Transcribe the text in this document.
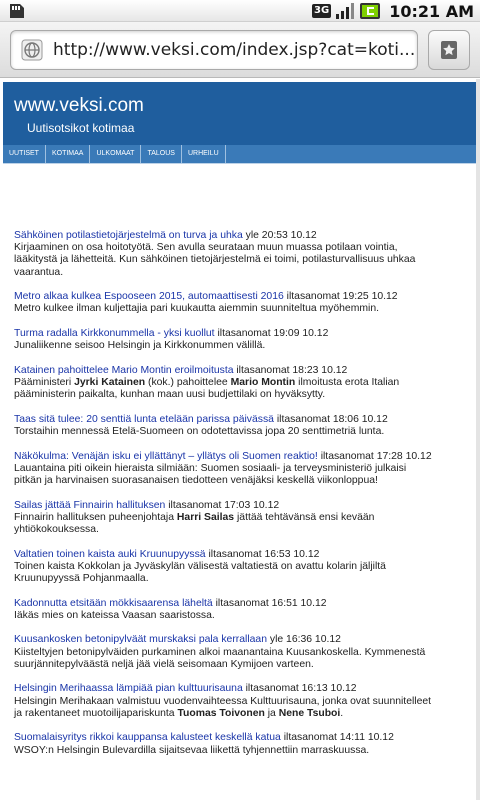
3G	10:21 AM
http://www.veksi.com/index.jsp?cat=koti...
www.veksi.com
Uutisotsikot kotimaa
UUTISET	KOTIMAA	ULKOMAAT	TALOUS	URHEILU
Sähköinen potilastietojärjestelmä on turva ja uhka yle 20:53 10.12
Kirjaaminen on osa hoitotyötä. Sen avulla seurataan muun muassa potilaan vointia, lääkitystä ja lähetteitä. Kun sähköinen tietojärjestelmä ei toimi, potilasturvallisuus uhkaa vaarantua.
Metro alkaa kulkea Espooseen 2015, automaattisesti 2016 iltasanomat 19:25 10.12
Metro kulkee ilman kuljettajia pari kuukautta aiemmin suunniteltua myöhemmin.
Turma radalla Kirkkonummella - yksi kuollut iltasanomat 19:09 10.12
Junaliikenne seisoo Helsingin ja Kirkkonummen välillä.
Katainen pahoittelee Mario Montin eroilmoitusta iltasanomat 18:23 10.12
Pääministeri Jyrki Katainen (kok.) pahoittelee Mario Montin ilmoitusta erota Italian pääministerin paikalta, kunhan maan uusi budjettilaki on hyväksytty.
Taas sitä tulee: 20 senttiä lunta etelään parissa päivässä iltasanomat 18:06 10.12
Torstaihin mennessä Etelä-Suomeen on odotettavissa jopa 20 senttimetriä lunta.
Näkökulma: Venäjän isku ei yllättänyt – yllätys oli Suomen reaktio! iltasanomat 17:28 10.12
Lauantaina piti oikein hieraista silmiään: Suomen sosiaali- ja terveysministeriö julkaisi pitkän ja harvinaisen suorasanaisen tiedotteen venäjäksi keskellä viikonloppua!
Sailas jättää Finnairin hallituksen iltasanomat 17:03 10.12
Finnairin hallituksen puheenjohtaja Harri Sailas jättää tehtävänsä ensi kevään yhtiökokouksessa.
Valtatien toinen kaista auki Kruunupyyssä iltasanomat 16:53 10.12
Toinen kaista Kokkolan ja Jyväskylän välisestä valtatiestä on avattu kolarin jäljiltä Kruunupyyssä Pohjanmaalla.
Kadonnutta etsitään mökkisaarensa läheltä iltasanomat 16:51 10.12
Iäkäs mies on kateissa Vaasan saaristossa.
Kuusankosken betonipylväät murskaksi pala kerrallaan yle 16:36 10.12
Kiisteltyjen betonipylväiden purkaminen alkoi maanantaina Kuusankoskella. Kymmenestä suurjännitepylväästä neljä jää vielä seisomaan Kymijoen varteen.
Helsingin Merihaassa lämpiää pian kulttuurisauna iltasanomat 16:13 10.12
Helsingin Merihakaan valmistuu vuodenvaihteessa Kulttuurisauna, jonka ovat suunnitelleet ja rakentaneet muotoilijapariskunta Tuomas Toivonen ja Nene Tsuboi.
Suomalaisyritys rikkoi kauppansa kalusteet keskellä katua iltasanomat 14:11 10.12
WSOY:n Helsingin Bulevardilla sijaitsevaa liikettä tyhjennettiin marraskuussa.
